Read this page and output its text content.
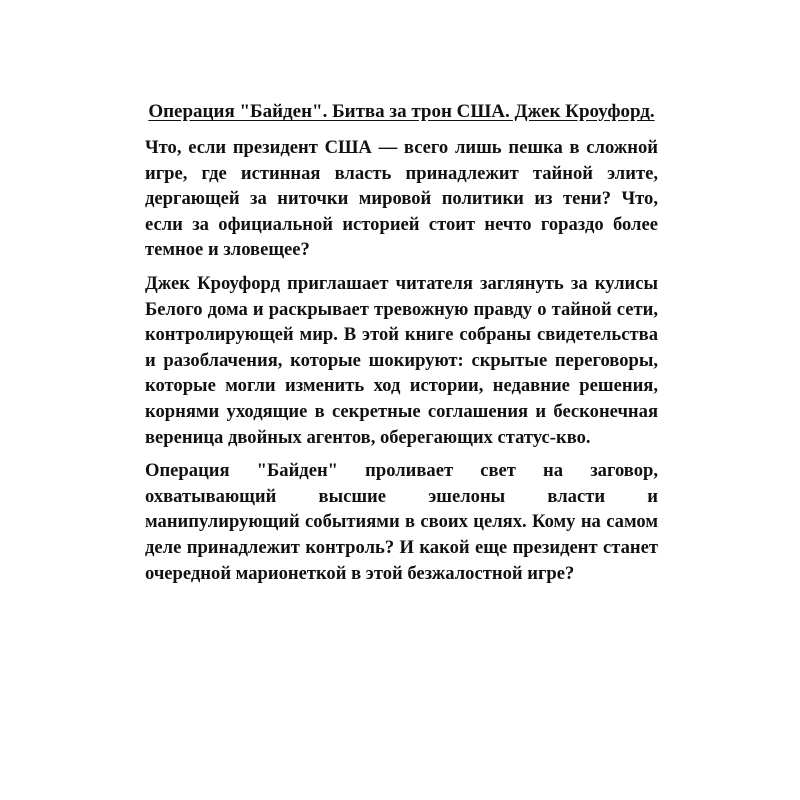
Операция "Байден". Битва за трон США. Джек Кроуфорд.

Что, если президент США — всего лишь пешка в сложной игре, где истинная власть принадлежит тайной элите, дергающей за ниточки мировой политики из тени? Что, если за официальной историей стоит нечто гораздо более темное и зловещее?

Джек Кроуфорд приглашает читателя заглянуть за кулисы Белого дома и раскрывает тревожную правду о тайной сети, контролирующей мир. В этой книге собраны свидетельства и разоблачения, которые шокируют: скрытые переговоры, которые могли изменить ход истории, недавние решения, корнями уходящие в секретные соглашения и бесконечная вереница двойных агентов, оберегающих статус-кво.

Операция "Байден" проливает свет на заговор, охватывающий высшие эшелоны власти и манипулирующий событиями в своих целях. Кому на самом деле принадлежит контроль? И какой еще президент станет очередной марионеткой в этой безжалостной игре?
